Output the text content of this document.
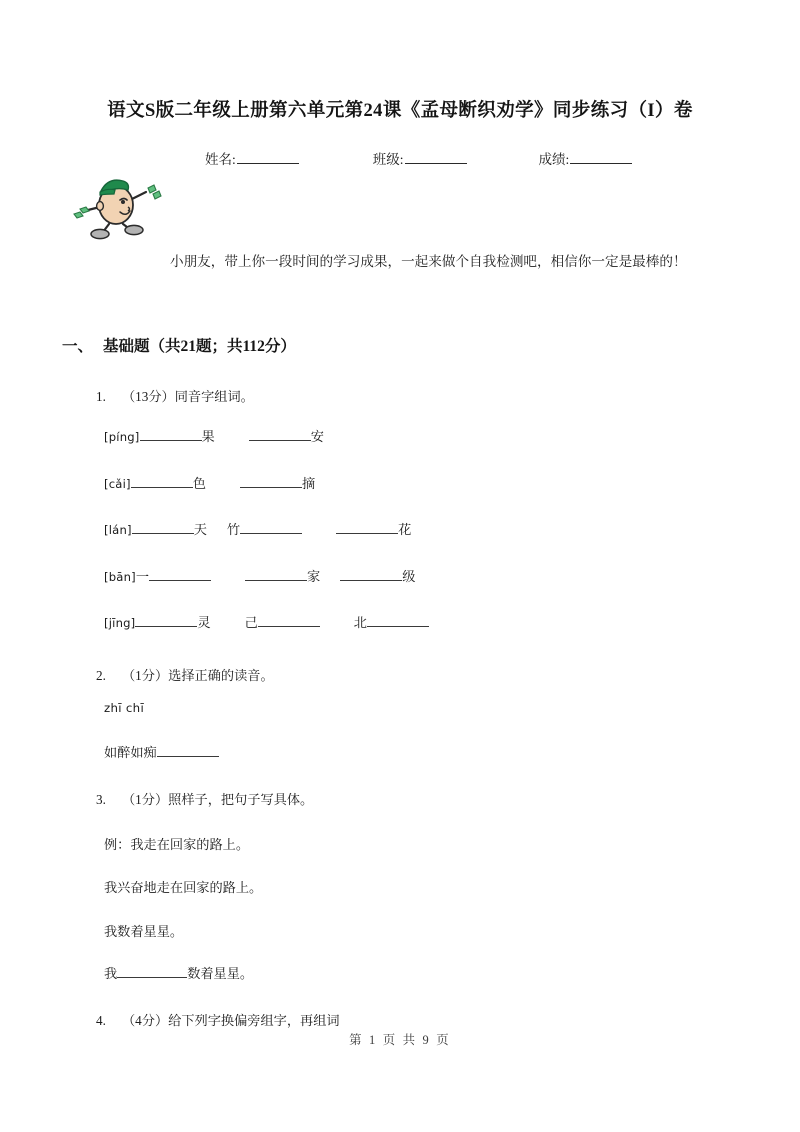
语文S版二年级上册第六单元第24课《孟母断织劝学》同步练习（I）卷
姓名:	班级:	成绩:
小朋友，带上你一段时间的学习成果，一起来做个自我检测吧，相信你一定是最棒的！
一、 基础题（共21题；共112分）
1. （13分）同音字组词。
[píng]	果	安
[cǎi]	色	摘
[lán]	天 竹	花
[bān]一	家	级
[jīng]	灵	己	北
2. （1分）选择正确的读音。
zhī chī
如醉如痴
3. （1分）照样子，把句子写具体。
例：我走在回家的路上。
我兴奋地走在回家的路上。
我数着星星。
我	数着星星。
4. （4分）给下列字换偏旁组字，再组词
第 1 页 共 9 页
